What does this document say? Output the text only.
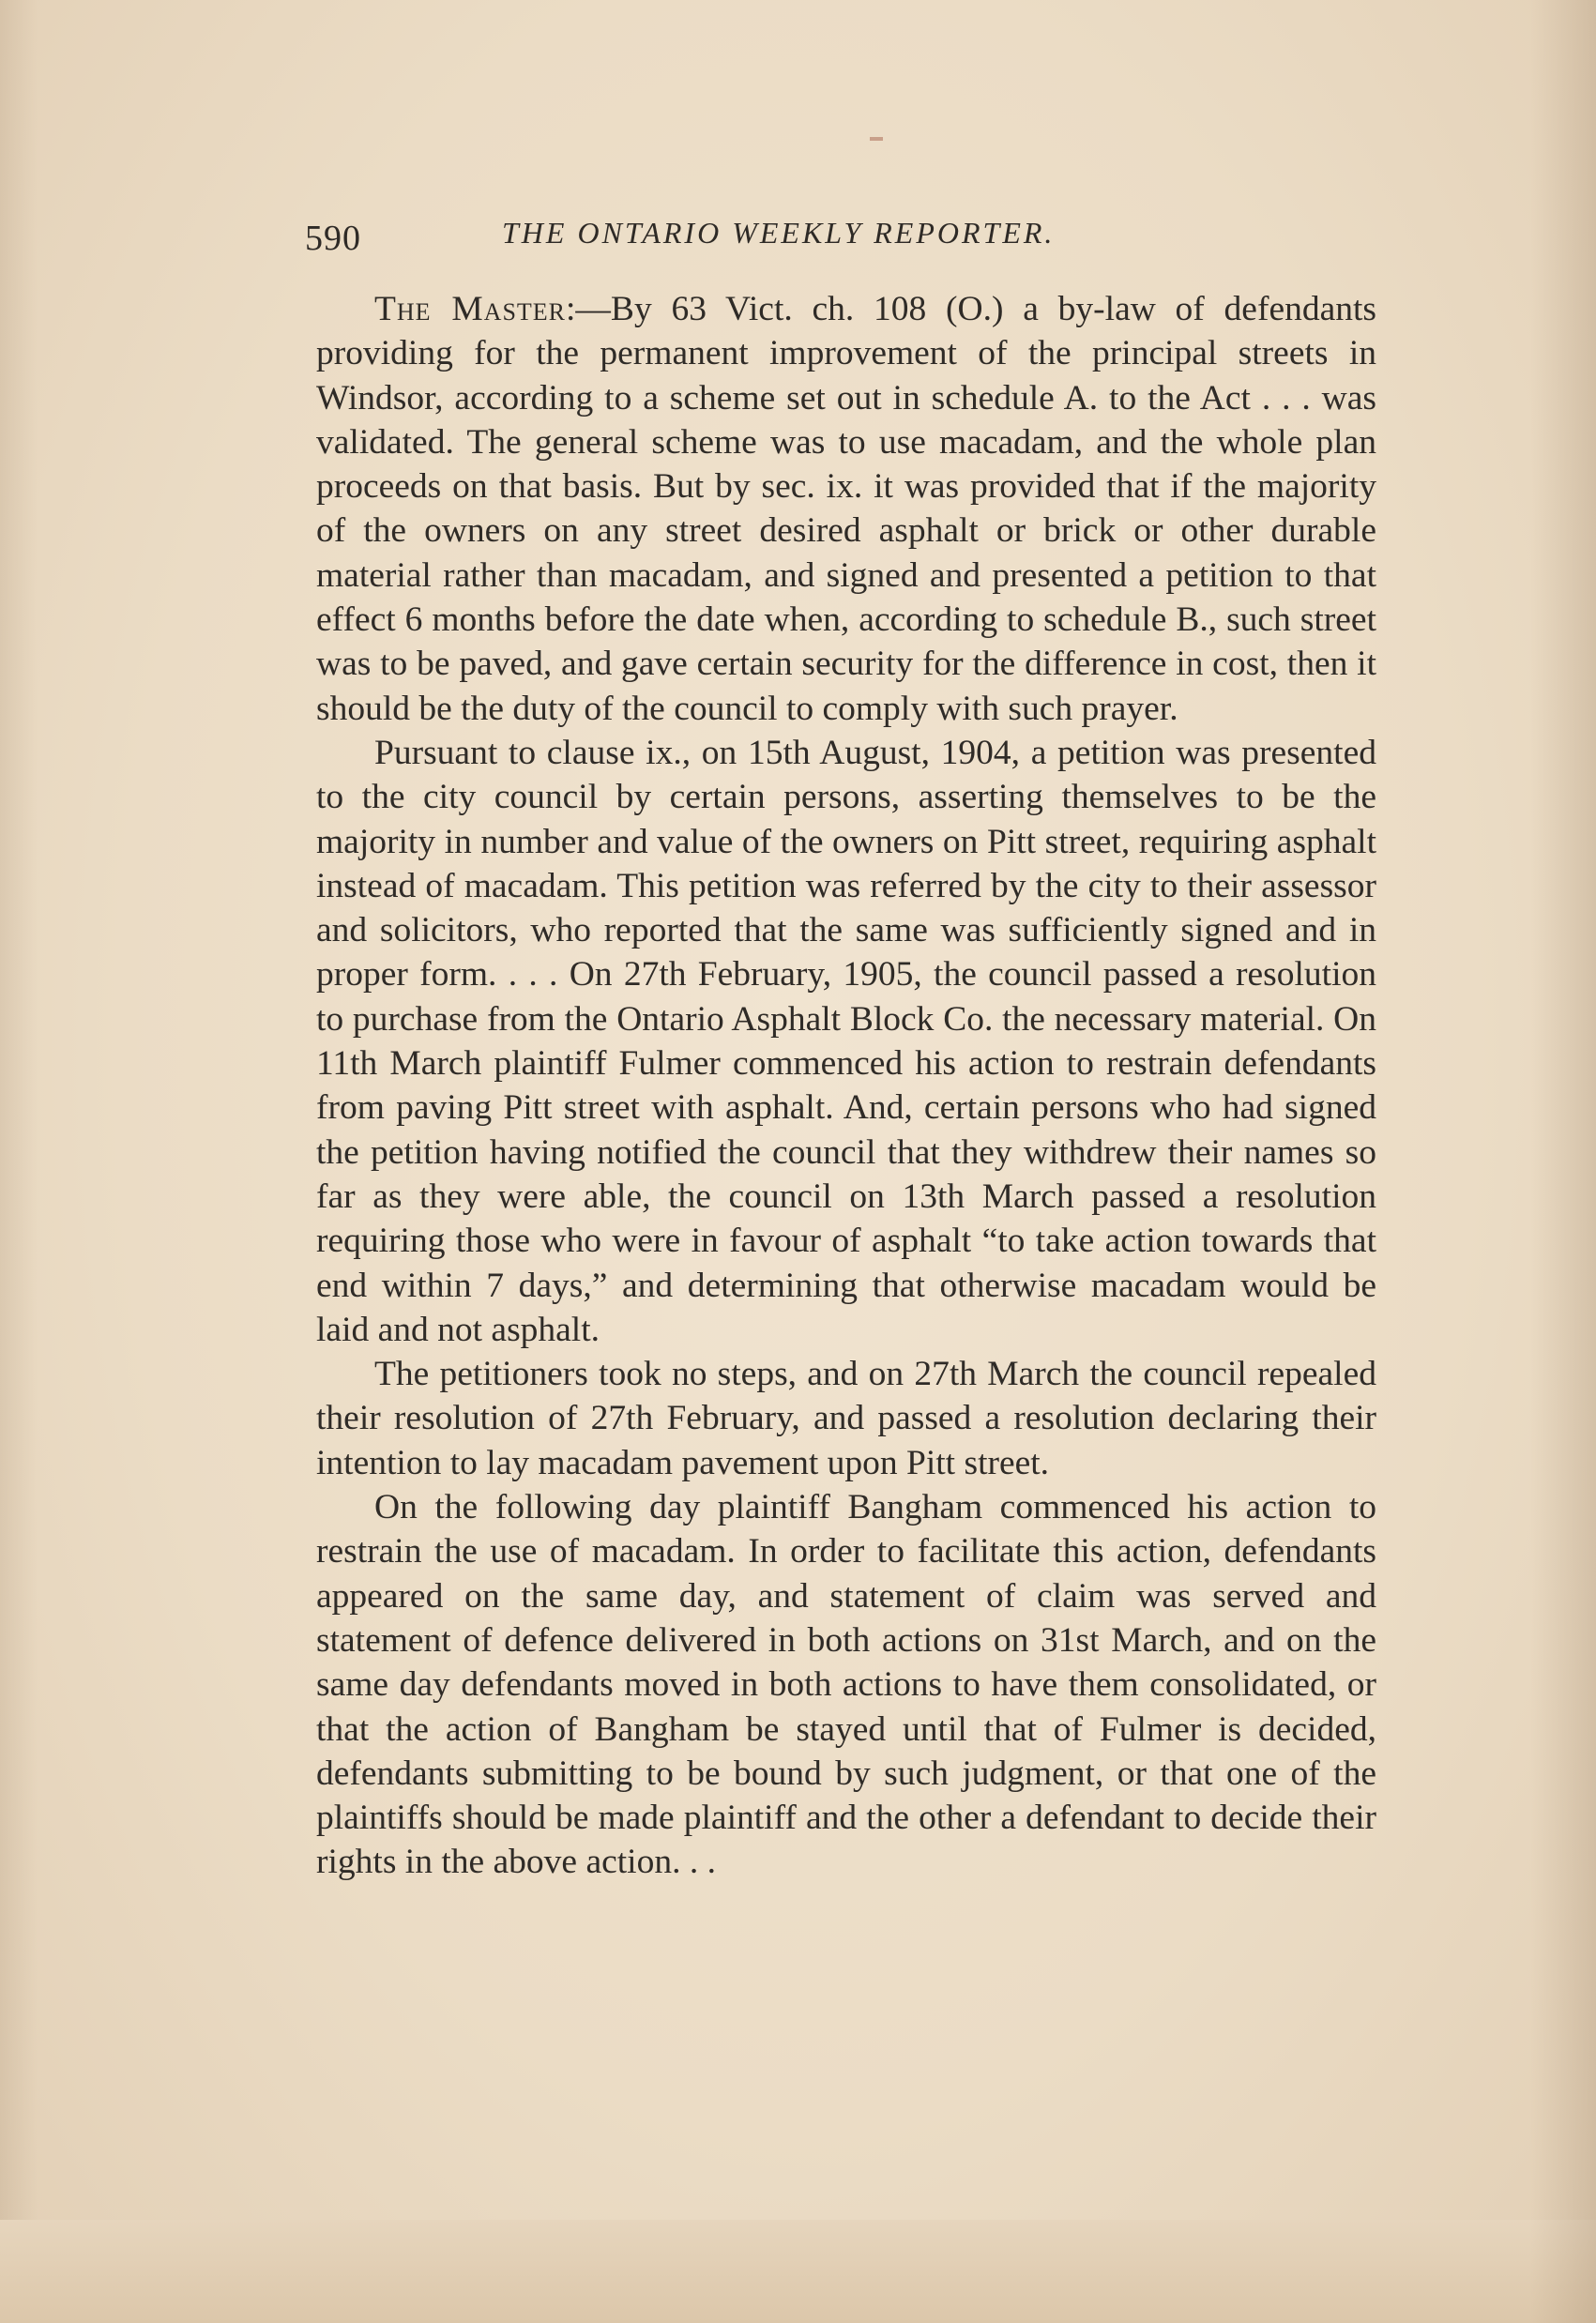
590	THE ONTARIO WEEKLY REPORTER.

The Master:—By 63 Vict. ch. 108 (O.) a by-law of defendants providing for the permanent improvement of the principal streets in Windsor, according to a scheme set out in schedule A. to the Act . . . was validated. The general scheme was to use macadam, and the whole plan proceeds on that basis. But by sec. ix. it was provided that if the majority of the owners on any street desired asphalt or brick or other durable material rather than macadam, and signed and presented a petition to that effect 6 months before the date when, according to schedule B., such street was to be paved, and gave certain security for the difference in cost, then it should be the duty of the council to comply with such prayer.

Pursuant to clause ix., on 15th August, 1904, a petition was presented to the city council by certain persons, asserting themselves to be the majority in number and value of the owners on Pitt street, requiring asphalt instead of macadam. This petition was referred by the city to their assessor and solicitors, who reported that the same was sufficiently signed and in proper form. . . . On 27th February, 1905, the council passed a resolution to purchase from the Ontario Asphalt Block Co. the necessary material. On 11th March plaintiff Fulmer commenced his action to restrain defendants from paving Pitt street with asphalt. And, certain persons who had signed the petition having notified the council that they withdrew their names so far as they were able, the council on 13th March passed a resolution requiring those who were in favour of asphalt “to take action towards that end within 7 days,” and determining that otherwise macadam would be laid and not asphalt.

The petitioners took no steps, and on 27th March the council repealed their resolution of 27th February, and passed a resolution declaring their intention to lay macadam pavement upon Pitt street.

On the following day plaintiff Bangham commenced his action to restrain the use of macadam. In order to facilitate this action, defendants appeared on the same day, and statement of claim was served and statement of defence delivered in both actions on 31st March, and on the same day defendants moved in both actions to have them consolidated, or that the action of Bangham be stayed until that of Fulmer is decided, defendants submitting to be bound by such judgment, or that one of the plaintiffs should be made plaintiff and the other a defendant to decide their rights in the above action. . .
